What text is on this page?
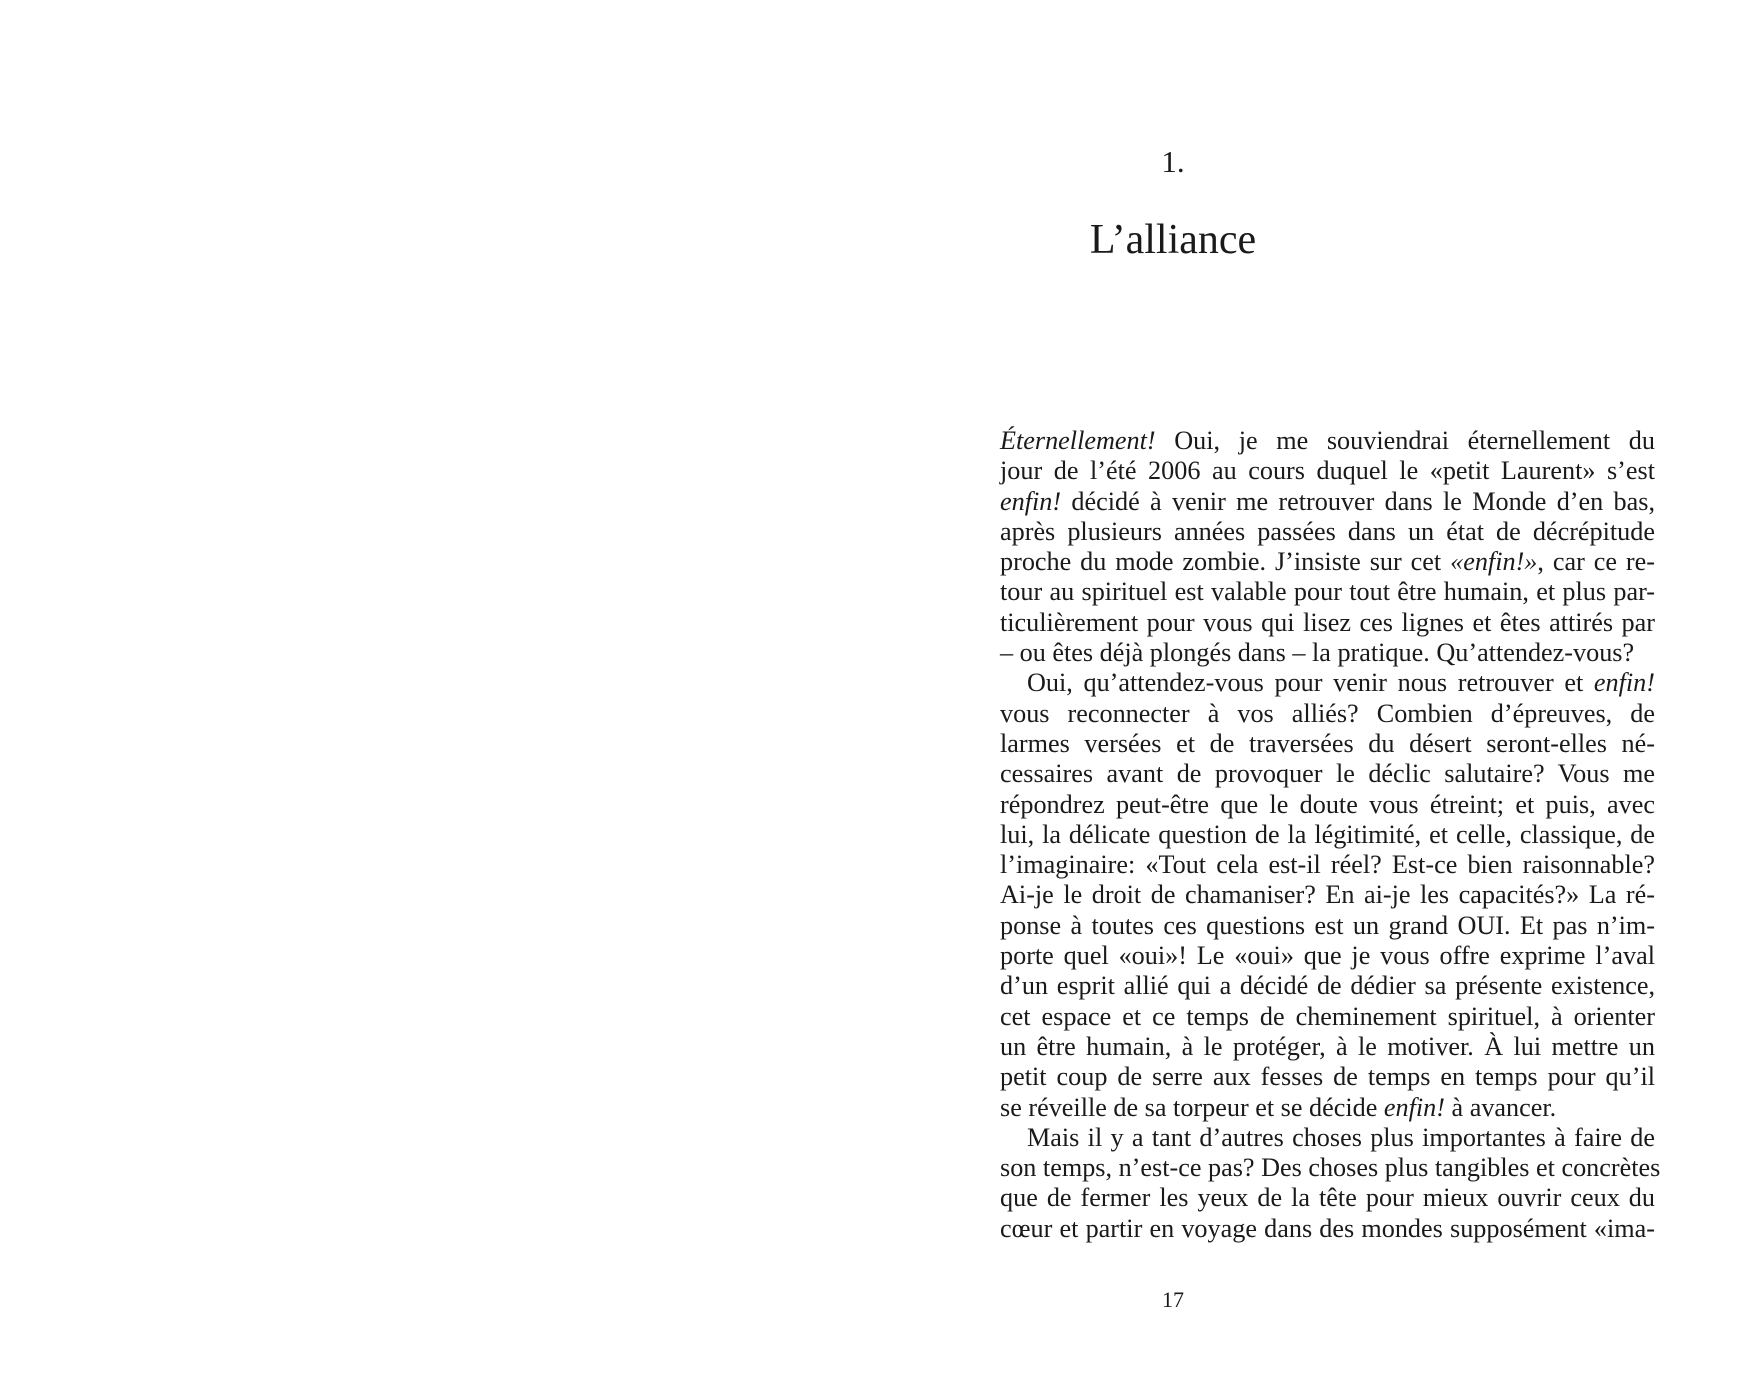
1.
L’alliance
Éternellement! Oui, je me souviendrai éternellement du
jour de l’été 2006 au cours duquel le «petit Laurent» s’est
enfin! décidé à venir me retrouver dans le Monde d’en bas,
après plusieurs années passées dans un état de décrépitude
proche du mode zombie. J’insiste sur cet «enfin!», car ce re-
tour au spirituel est valable pour tout être humain, et plus par-
ticulièrement pour vous qui lisez ces lignes et êtes attirés par
– ou êtes déjà plongés dans – la pratique. Qu’attendez-vous?
Oui, qu’attendez-vous pour venir nous retrouver et enfin!
vous reconnecter à vos alliés? Combien d’épreuves, de
larmes versées et de traversées du désert seront-elles né-
cessaires avant de provoquer le déclic salutaire? Vous me
répondrez peut-être que le doute vous étreint; et puis, avec
lui, la délicate question de la légitimité, et celle, classique, de
l’imaginaire: «Tout cela est-il réel? Est-ce bien raisonnable?
Ai-je le droit de chamaniser? En ai-je les capacités?» La ré-
ponse à toutes ces questions est un grand OUI. Et pas n’im-
porte quel «oui»! Le «oui» que je vous offre exprime l’aval
d’un esprit allié qui a décidé de dédier sa présente existence,
cet espace et ce temps de cheminement spirituel, à orienter
un être humain, à le protéger, à le motiver. À lui mettre un
petit coup de serre aux fesses de temps en temps pour qu’il
se réveille de sa torpeur et se décide enfin! à avancer.
Mais il y a tant d’autres choses plus importantes à faire de
son temps, n’est-ce pas? Des choses plus tangibles et concrètes
que de fermer les yeux de la tête pour mieux ouvrir ceux du
cœur et partir en voyage dans des mondes supposément «ima-
17
